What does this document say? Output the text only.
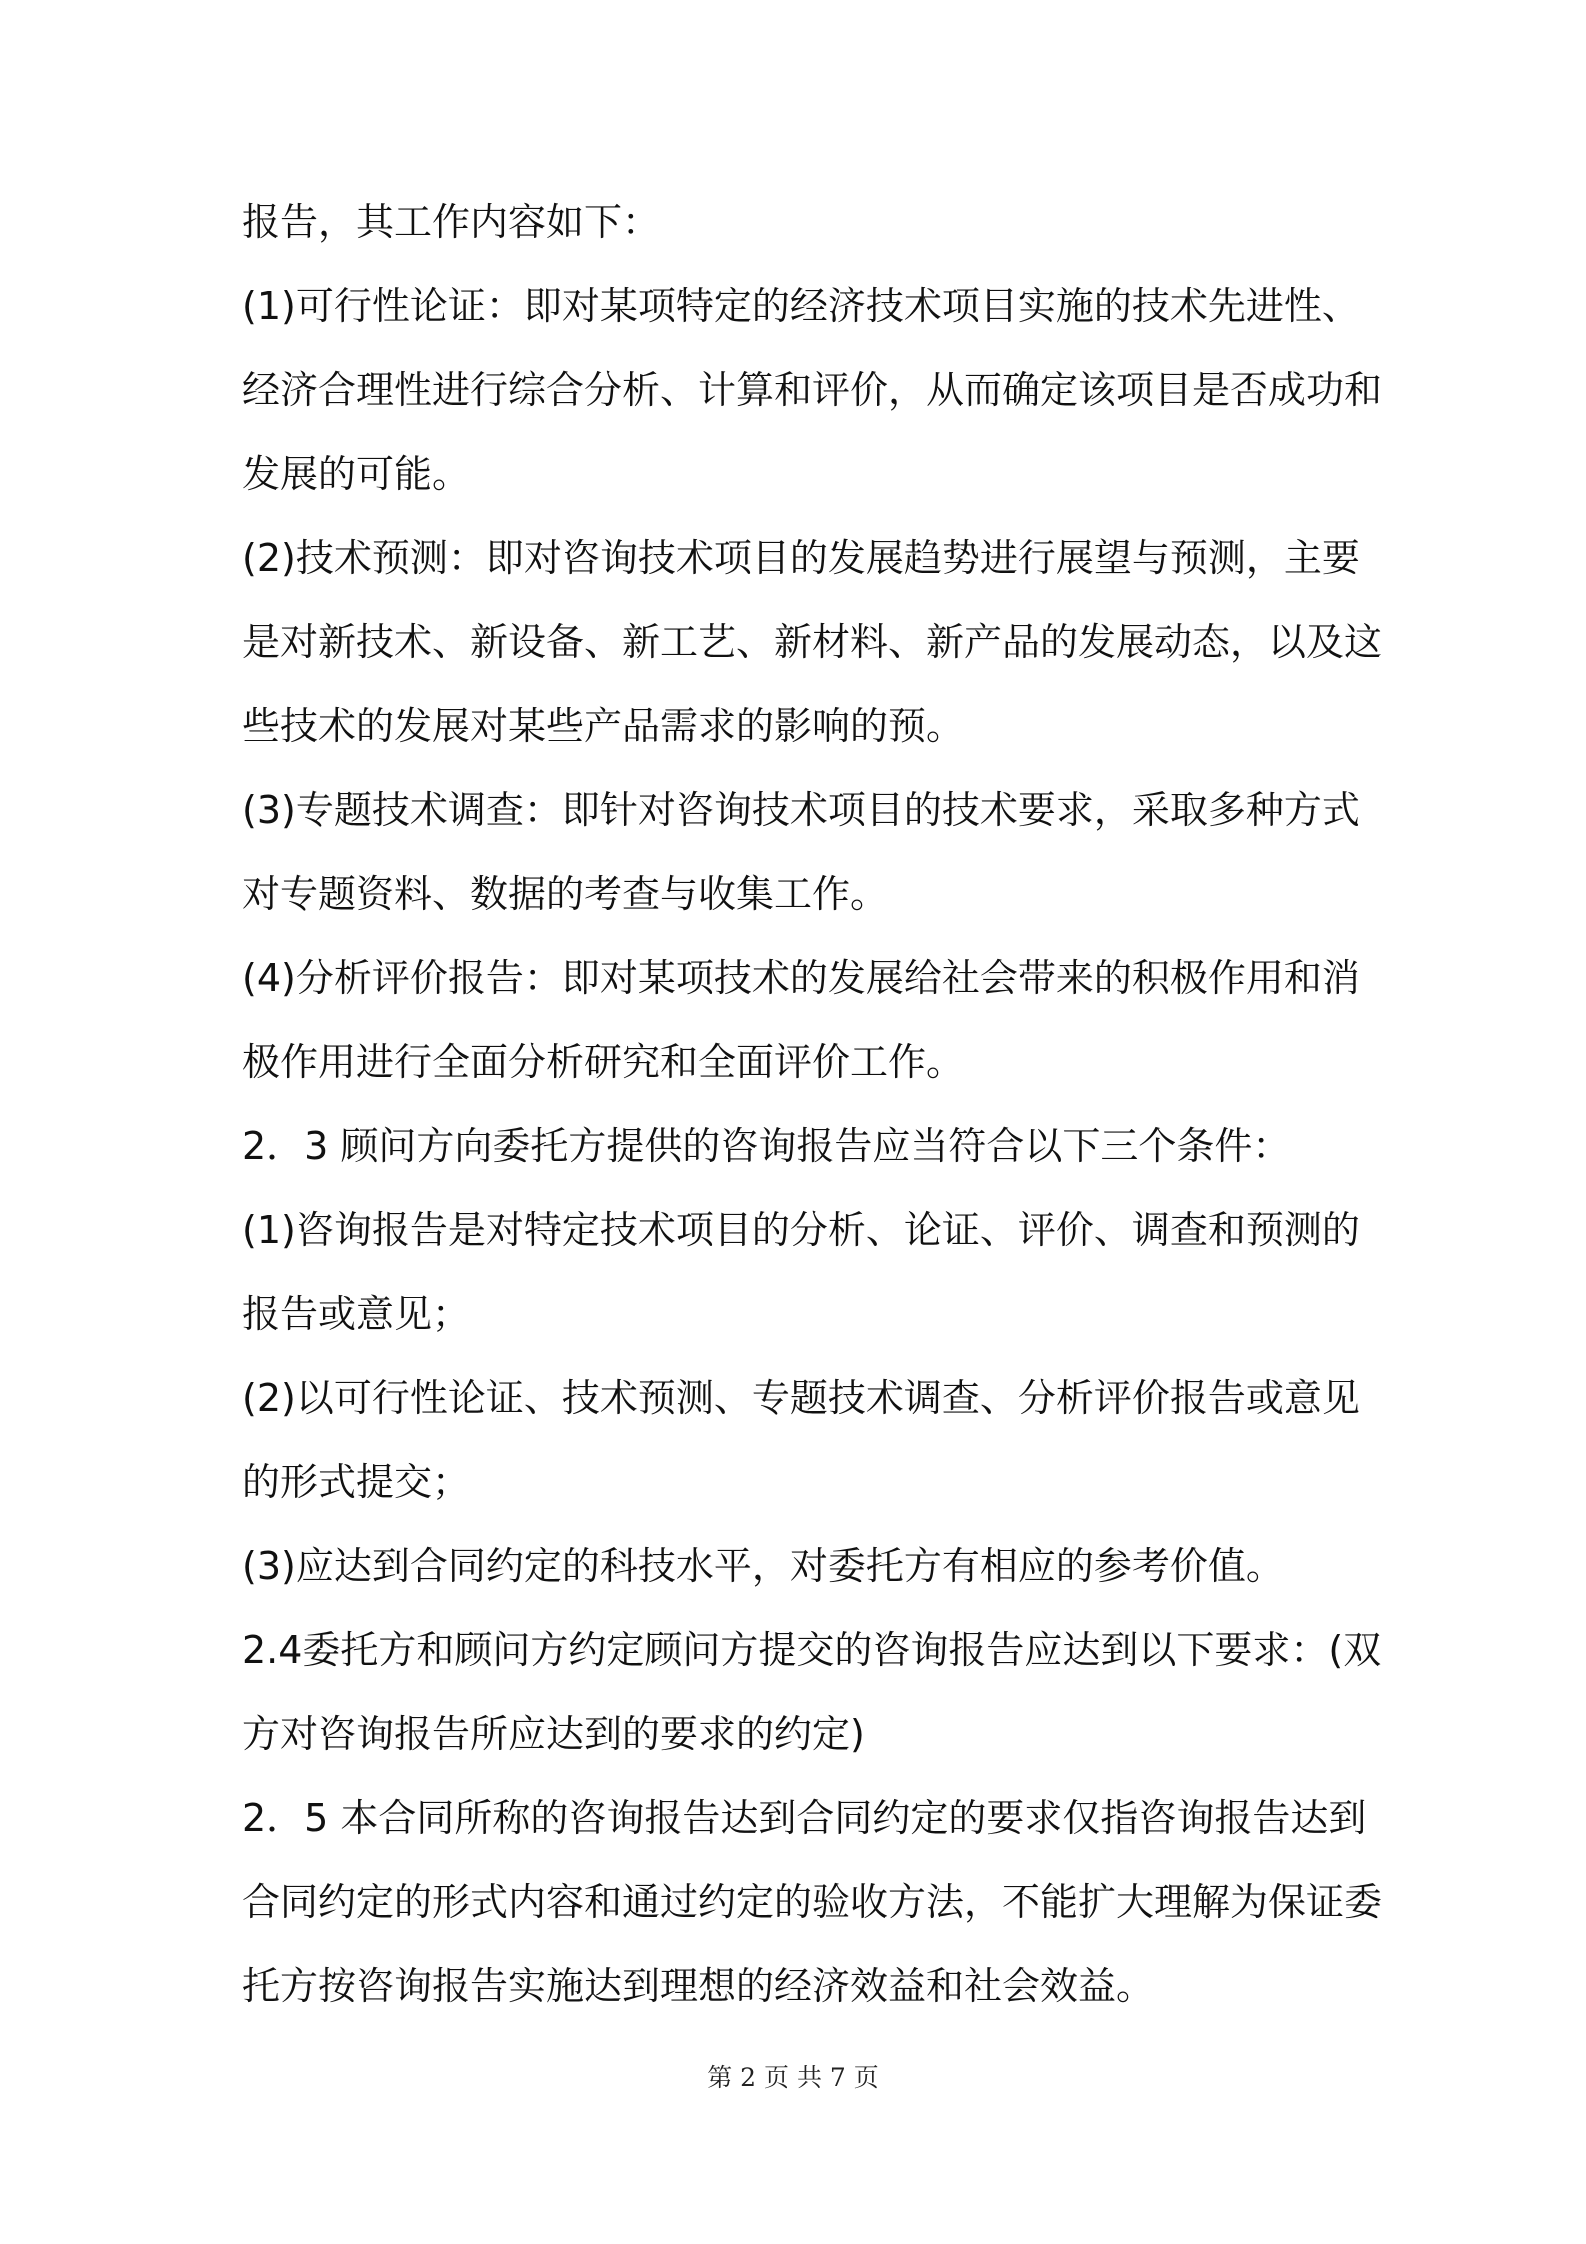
报告，其工作内容如下：
(1)可行性论证：即对某项特定的经济技术项目实施的技术先进性、
经济合理性进行综合分析、计算和评价，从而确定该项目是否成功和
发展的可能。
(2)技术预测：即对咨询技术项目的发展趋势进行展望与预测，主要
是对新技术、新设备、新工艺、新材料、新产品的发展动态，以及这
些技术的发展对某些产品需求的影响的预。
(3)专题技术调查：即针对咨询技术项目的技术要求，采取多种方式
对专题资料、数据的考查与收集工作。
(4)分析评价报告：即对某项技术的发展给社会带来的积极作用和消
极作用进行全面分析研究和全面评价工作。
2．3 顾问方向委托方提供的咨询报告应当符合以下三个条件：
(1)咨询报告是对特定技术项目的分析、论证、评价、调查和预测的
报告或意见；
(2)以可行性论证、技术预测、专题技术调查、分析评价报告或意见
的形式提交；
(3)应达到合同约定的科技水平，对委托方有相应的参考价值。
2.4委托方和顾问方约定顾问方提交的咨询报告应达到以下要求：(双
方对咨询报告所应达到的要求的约定)
2．5 本合同所称的咨询报告达到合同约定的要求仅指咨询报告达到
合同约定的形式内容和通过约定的验收方法，不能扩大理解为保证委
托方按咨询报告实施达到理想的经济效益和社会效益。
第 2 页 共 7 页
